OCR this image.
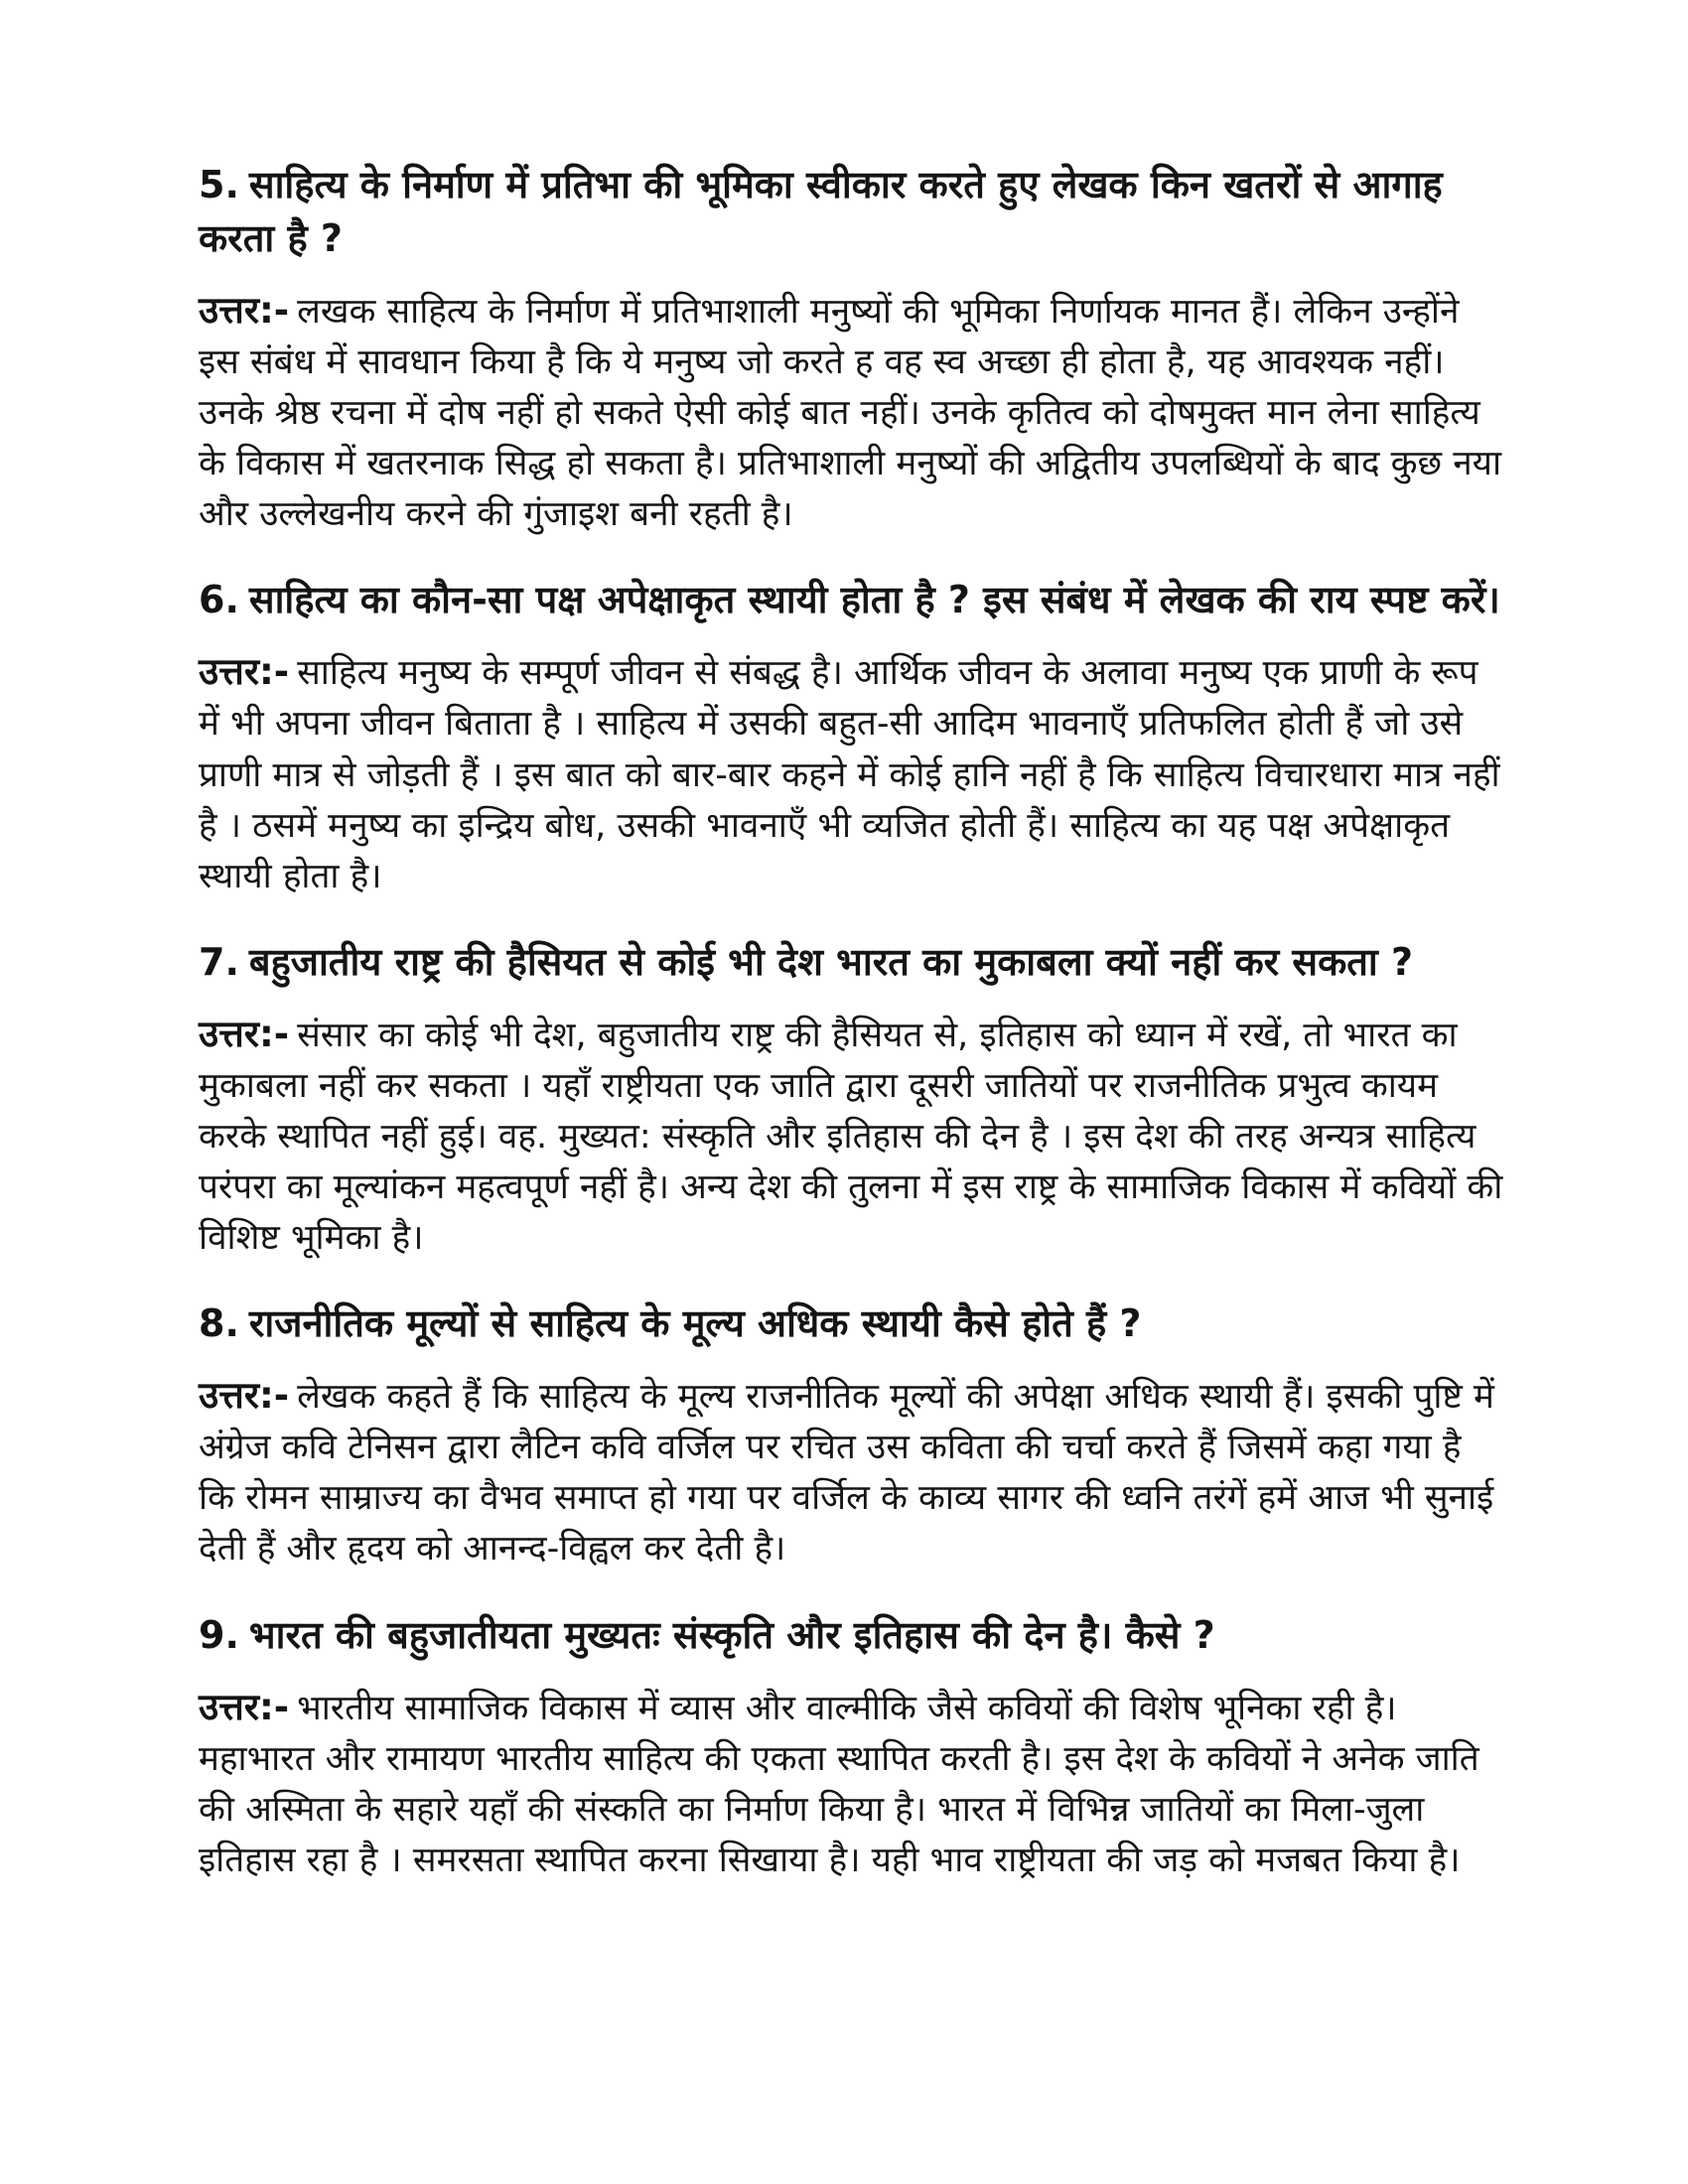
5. साहित्य के निर्माण में प्रतिभा की भूमिका स्वीकार करते हुए लेखक किन खतरों से आगाह करता है ?

उत्तर:- लखक साहित्य के निर्माण में प्रतिभाशाली मनुष्यों की भूमिका निर्णायक मानत हैं। लेकिन उन्होंने इस संबंध में सावधान किया है कि ये मनुष्य जो करते ह वह स्व अच्छा ही होता है, यह आवश्यक नहीं। उनके श्रेष्ठ रचना में दोष नहीं हो सकते ऐसी कोई बात नहीं। उनके कृतित्व को दोषमुक्त मान लेना साहित्य के विकास में खतरनाक सिद्ध हो सकता है। प्रतिभाशाली मनुष्यों की अद्वितीय उपलब्धियों के बाद कुछ नया और उल्लेखनीय करने की गुंजाइश बनी रहती है।

6. साहित्य का कौन-सा पक्ष अपेक्षाकृत स्थायी होता है ? इस संबंध में लेखक की राय स्पष्ट करें।

उत्तर:- साहित्य मनुष्य के सम्पूर्ण जीवन से संबद्ध है। आर्थिक जीवन के अलावा मनुष्य एक प्राणी के रूप में भी अपना जीवन बिताता है । साहित्य में उसकी बहुत-सी आदिम भावनाएँ प्रतिफलित होती हैं जो उसे प्राणी मात्र से जोड़ती हैं । इस बात को बार-बार कहने में कोई हानि नहीं है कि साहित्य विचारधारा मात्र नहीं है । ठसमें मनुष्य का इन्द्रिय बोध, उसकी भावनाएँ भी व्यजित होती हैं। साहित्य का यह पक्ष अपेक्षाकृत स्थायी होता है।

7. बहुजातीय राष्ट्र की हैसियत से कोई भी देश भारत का मुकाबला क्यों नहीं कर सकता ?

उत्तर:- संसार का कोई भी देश, बहुजातीय राष्ट्र की हैसियत से, इतिहास को ध्यान में रखें, तो भारत का मुकाबला नहीं कर सकता । यहाँ राष्ट्रीयता एक जाति द्वारा दूसरी जातियों पर राजनीतिक प्रभुत्व कायम करके स्थापित नहीं हुई। वह. मुख्यत: संस्कृति और इतिहास की देन है । इस देश की तरह अन्यत्र साहित्य परंपरा का मूल्यांकन महत्वपूर्ण नहीं है। अन्य देश की तुलना में इस राष्ट्र के सामाजिक विकास में कवियों की विशिष्ट भूमिका है।

8. राजनीतिक मूल्यों से साहित्य के मूल्य अधिक स्थायी कैसे होते हैं ?

उत्तर:- लेखक कहते हैं कि साहित्य के मूल्य राजनीतिक मूल्यों की अपेक्षा अधिक स्थायी हैं। इसकी पुष्टि में अंग्रेज कवि टेनिसन द्वारा लैटिन कवि वर्जिल पर रचित उस कविता की चर्चा करते हैं जिसमें कहा गया है कि रोमन साम्राज्य का वैभव समाप्त हो गया पर वर्जिल के काव्य सागर की ध्वनि तरंगें हमें आज भी सुनाई देती हैं और हृदय को आनन्द-विह्वल कर देती है।

9. भारत की बहुजातीयता मुख्यतः संस्कृति और इतिहास की देन है। कैसे ?

उत्तर:- भारतीय सामाजिक विकास में व्यास और वाल्मीकि जैसे कवियों की विशेष भूनिका रही है। महाभारत और रामायण भारतीय साहित्य की एकता स्थापित करती है। इस देश के कवियों ने अनेक जाति की अस्मिता के सहारे यहाँ की संस्कति का निर्माण किया है। भारत में विभिन्न जातियों का मिला-जुला इतिहास रहा है । समरसता स्थापित करना सिखाया है। यही भाव राष्ट्रीयता की जड़ को मजबत किया है।
